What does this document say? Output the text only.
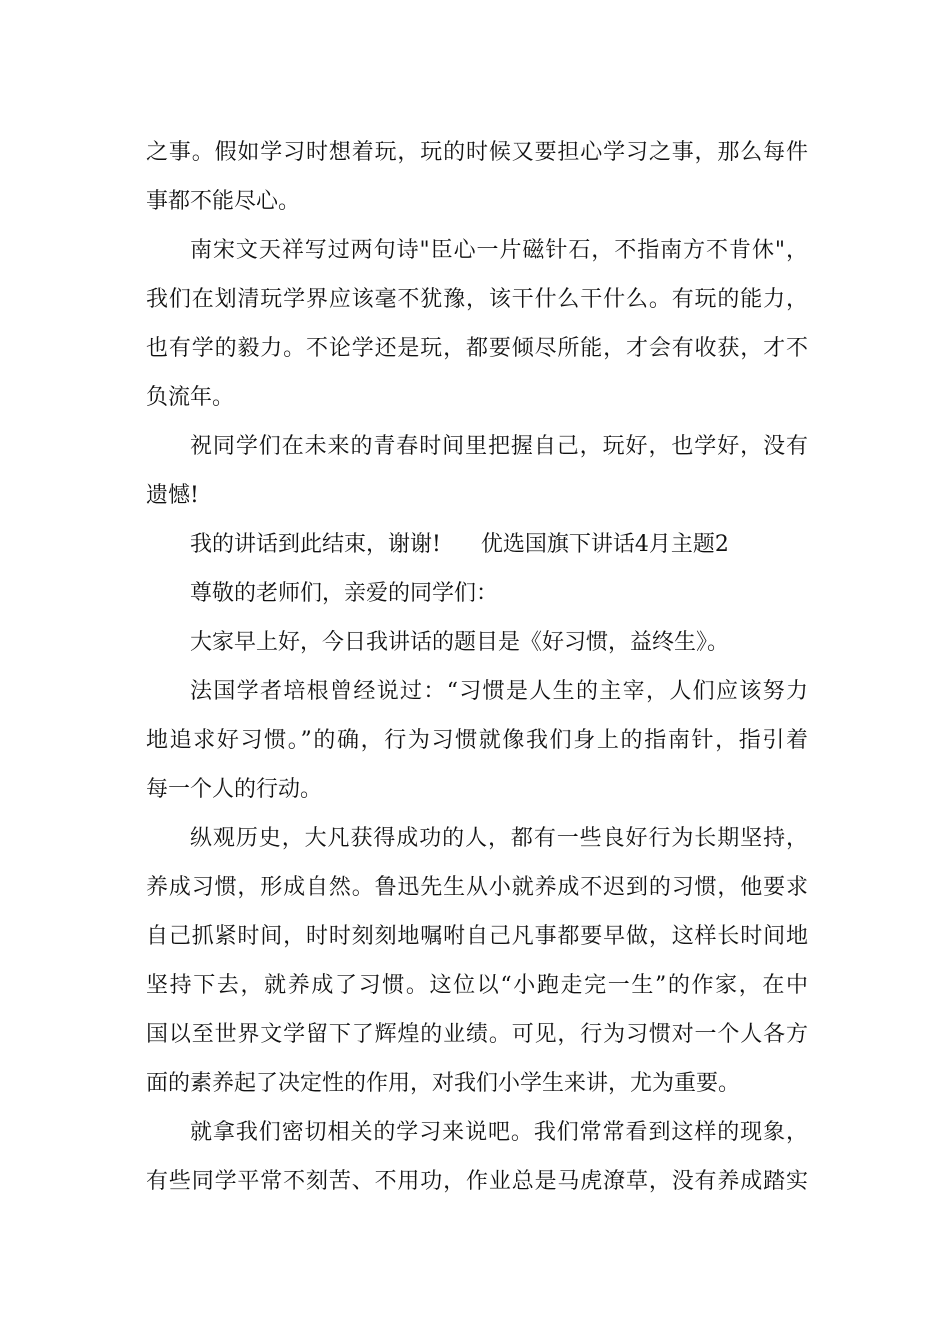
之事。假如学习时想着玩，玩的时候又要担心学习之事，那么每件
事都不能尽心。
南宋文天祥写过两句诗"臣心一片磁针石，不指南方不肯休"，
我们在划清玩学界应该毫不犹豫，该干什么干什么。有玩的能力，
也有学的毅力。不论学还是玩，都要倾尽所能，才会有收获，才不
负流年。
祝同学们在未来的青春时间里把握自己，玩好，也学好，没有
遗憾!
我的讲话到此结束，谢谢! 优选国旗下讲话4月主题2
尊敬的老师们，亲爱的同学们：
大家早上好，今日我讲话的题目是《好习惯，益终生》。
法国学者培根曾经说过：“习惯是人生的主宰，人们应该努力
地追求好习惯。”的确，行为习惯就像我们身上的指南针，指引着
每一个人的行动。
纵观历史，大凡获得成功的人，都有一些良好行为长期坚持，
养成习惯，形成自然。鲁迅先生从小就养成不迟到的习惯，他要求
自己抓紧时间，时时刻刻地嘱咐自己凡事都要早做，这样长时间地
坚持下去，就养成了习惯。这位以“小跑走完一生”的作家，在中
国以至世界文学留下了辉煌的业绩。可见，行为习惯对一个人各方
面的素养起了决定性的作用，对我们小学生来讲，尤为重要。
就拿我们密切相关的学习来说吧。我们常常看到这样的现象，
有些同学平常不刻苦、不用功，作业总是马虎潦草，没有养成踏实
